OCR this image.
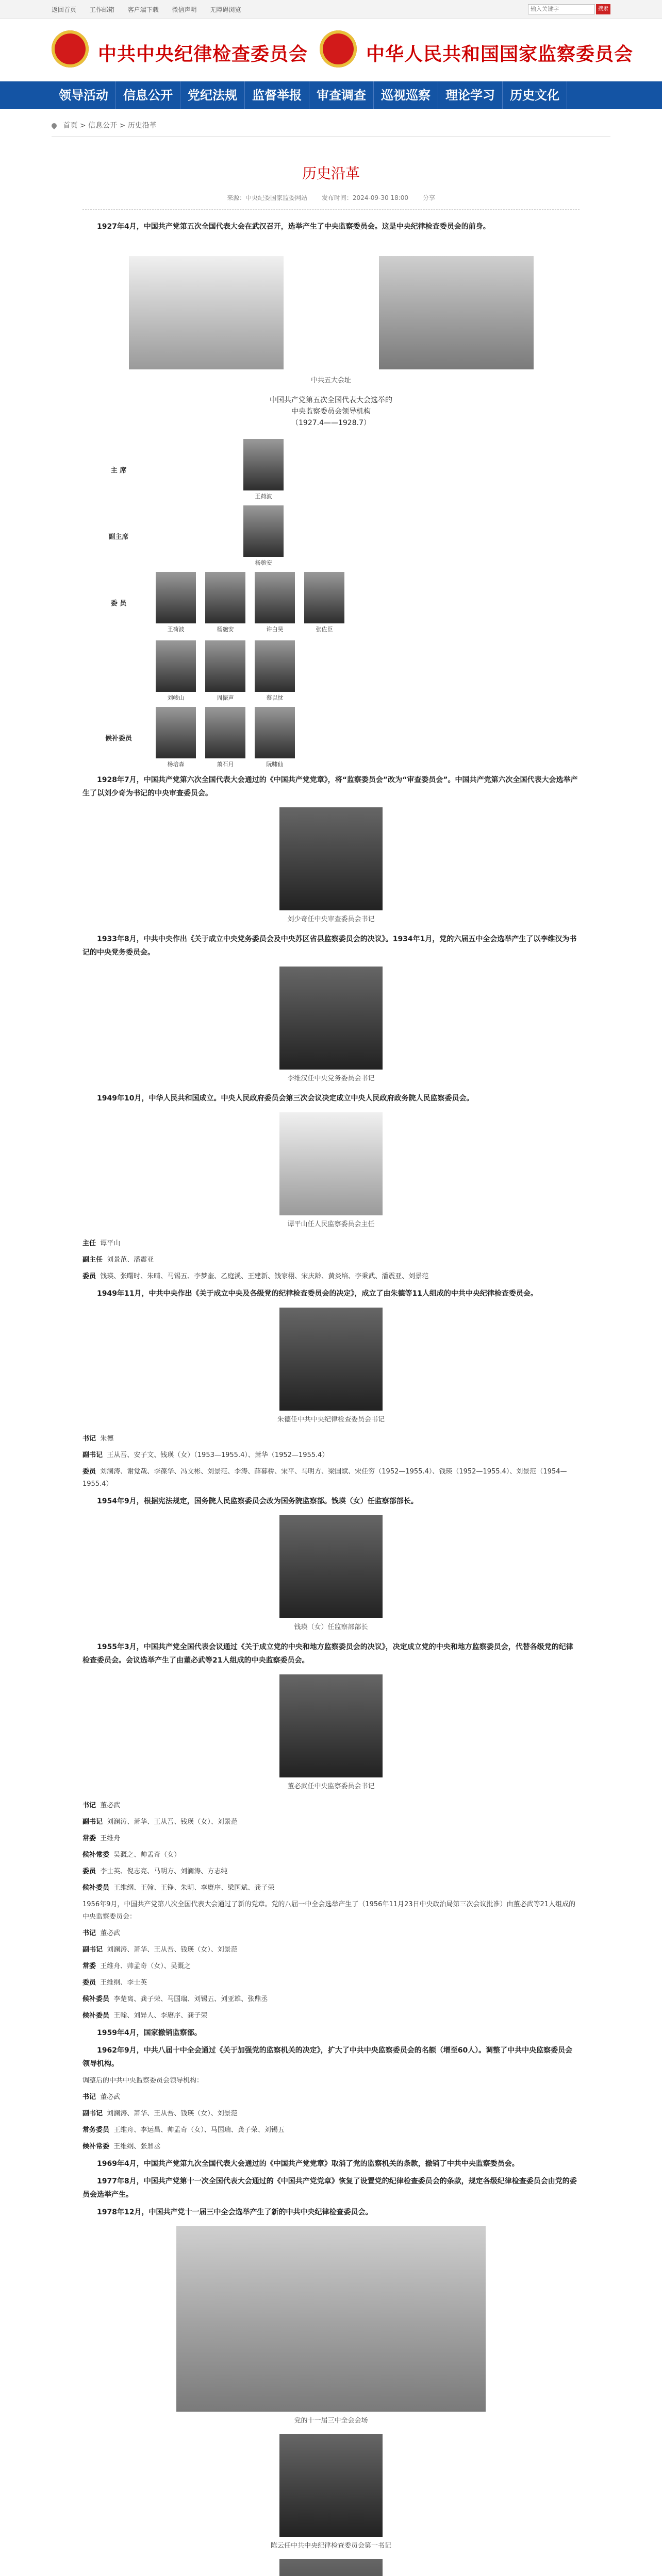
返回首页 工作邮箱 客户端下载 微信声明 无障碍浏览
输入关键字	搜索
中共中央纪律检查委员会	中华人民共和国国家监察委员会
领导活动	信息公开	党纪法规	监督举报	审查调查	巡视巡察	理论学习	历史文化
首页 > 信息公开 > 历史沿革
历史沿革
来源：中央纪委国家监委网站 发布时间：2024-09-30 18:00 分享

1927年4月，中国共产党第五次全国代表大会在武汉召开，选举产生了中央监察委员会。这是中央纪律检查委员会的前身。

中共五大会址
中国共产党第五次全国代表大会选举的
中央监察委员会领导机构
（1927.4——1928.7）
主 席
王荷波
副主席
杨匏安
委 员
王荷波	杨匏安	许白昊	张佐臣
刘峻山	周振声	蔡以忱
候补委员
杨培森	萧石月	阮啸仙

1928年7月，中国共产党第六次全国代表大会通过的《中国共产党党章》，将“监察委员会”改为“审查委员会”。中国共产党第六次全国代表大会选举产生了以刘少奇为书记的中央审查委员会。

刘少奇任中央审查委员会书记

1933年8月，中共中央作出《关于成立中央党务委员会及中央苏区省县监察委员会的决议》。1934年1月，党的六届五中全会选举产生了以李维汉为书记的中央党务委员会。

李维汉任中央党务委员会书记

1949年10月，中华人民共和国成立。中央人民政府委员会第三次会议决定成立中央人民政府政务院人民监察委员会。

谭平山任人民监察委员会主任

主任 谭平山

副主任 刘景范、潘震亚

委员 钱瑛、张曙时、朱晴、马锡五、李梦奎、乙庭溪、王建新、钱家栩、宋庆龄、黄炎培、李秉武、潘震亚、刘景范

1949年11月，中共中央作出《关于成立中央及各级党的纪律检查委员会的决定》，成立了由朱德等11人组成的中共中央纪律检查委员会。

朱德任中共中央纪律检查委员会书记

书记 朱德

副书记 王从吾、安子文、钱瑛（女）（1953—1955.4）、萧华（1952—1955.4）

委员 刘澜涛、谢觉哉、李葆华、冯文彬、刘景范、李涛、薛暮桥、宋平、马明方、梁国斌、宋任穷（1952—1955.4）、钱瑛（1952—1955.4）、刘景范（1954—1955.4）

1954年9月，根据宪法规定，国务院人民监察委员会改为国务院监察部。钱瑛（女）任监察部部长。

钱瑛（女）任监察部部长

1955年3月，中国共产党全国代表会议通过《关于成立党的中央和地方监察委员会的决议》，决定成立党的中央和地方监察委员会，代替各级党的纪律检查委员会。会议选举产生了由董必武等21人组成的中央监察委员会。

董必武任中央监察委员会书记

书记 董必武

副书记 刘澜涛、萧华、王从吾、钱瑛（女）、刘景范

常委 王维舟

候补常委 吴溉之、帅孟奇（女）

委员 李士英、倪志亮、马明方、刘澜涛、方志纯

候补委员 王维纲、王翰、王铮、朱明、李赓序、梁国斌、龚子荣

1956年9月，中国共产党第八次全国代表大会通过了新的党章。党的八届一中全会选举产生了（1956年11月23日中央政治局第三次会议批准）由董必武等21人组成的中央监察委员会：

书记 董必武

副书记 刘澜涛、萧华、王从吾、钱瑛（女）、刘景范

常委 王维舟、帅孟奇（女）、吴溉之

委员 王维纲、李士英

候补委员 李楚离、龚子荣、马国瑞、刘锡五、刘亚雄、张鼎丞

候补委员 王翰、刘异人、李赓序、龚子荣

1959年4月，国家撤销监察部。

1962年9月，中共八届十中全会通过《关于加强党的监察机关的决定》，扩大了中共中央监察委员会的名额（增至60人）。调整了中共中央监察委员会领导机构。

调整后的中共中央监察委员会领导机构：

书记 董必武

副书记 刘澜涛、萧华、王从吾、钱瑛（女）、刘景范

常务委员 王维舟、李运昌、帅孟奇（女）、马国瑞、龚子荣、刘锡五

候补常委 王维纲、张鼎丞

1969年4月，中国共产党第九次全国代表大会通过的《中国共产党党章》取消了党的监察机关的条款，撤销了中共中央监察委员会。

1977年8月，中国共产党第十一次全国代表大会通过的《中国共产党党章》恢复了设置党的纪律检查委员会的条款，规定各级纪律检查委员会由党的委员会选举产生。

1978年12月，中国共产党十一届三中全会选举产生了新的中共中央纪律检查委员会。

党的十一届三中全会会场
陈云任中共中央纪律检查委员会第一书记
